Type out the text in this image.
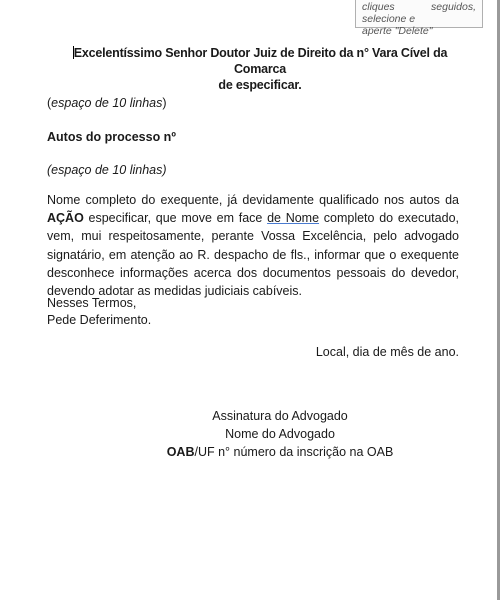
cliques seguidos, selecione e
aperte "Delete"
Excelentíssimo Senhor Doutor Juiz de Direito da n° Vara Cível da Comarca
de especificar.
(espaço de 10 linhas)
Autos do processo nº
(espaço de 10 linhas)
Nome completo do exequente, já devidamente qualificado nos autos da AÇÃO especificar, que move em face de Nome completo do executado, vem, mui respeitosamente, perante Vossa Excelência, pelo advogado signatário, em atenção ao R. despacho de fls., informar que o exequente desconhece informações acerca dos documentos pessoais do devedor, devendo adotar as medidas judiciais cabíveis.
Nesses Termos,
Pede Deferimento.
Local, dia de mês de ano.
Assinatura do Advogado
Nome do Advogado
OAB/UF n° número da inscrição na OAB
